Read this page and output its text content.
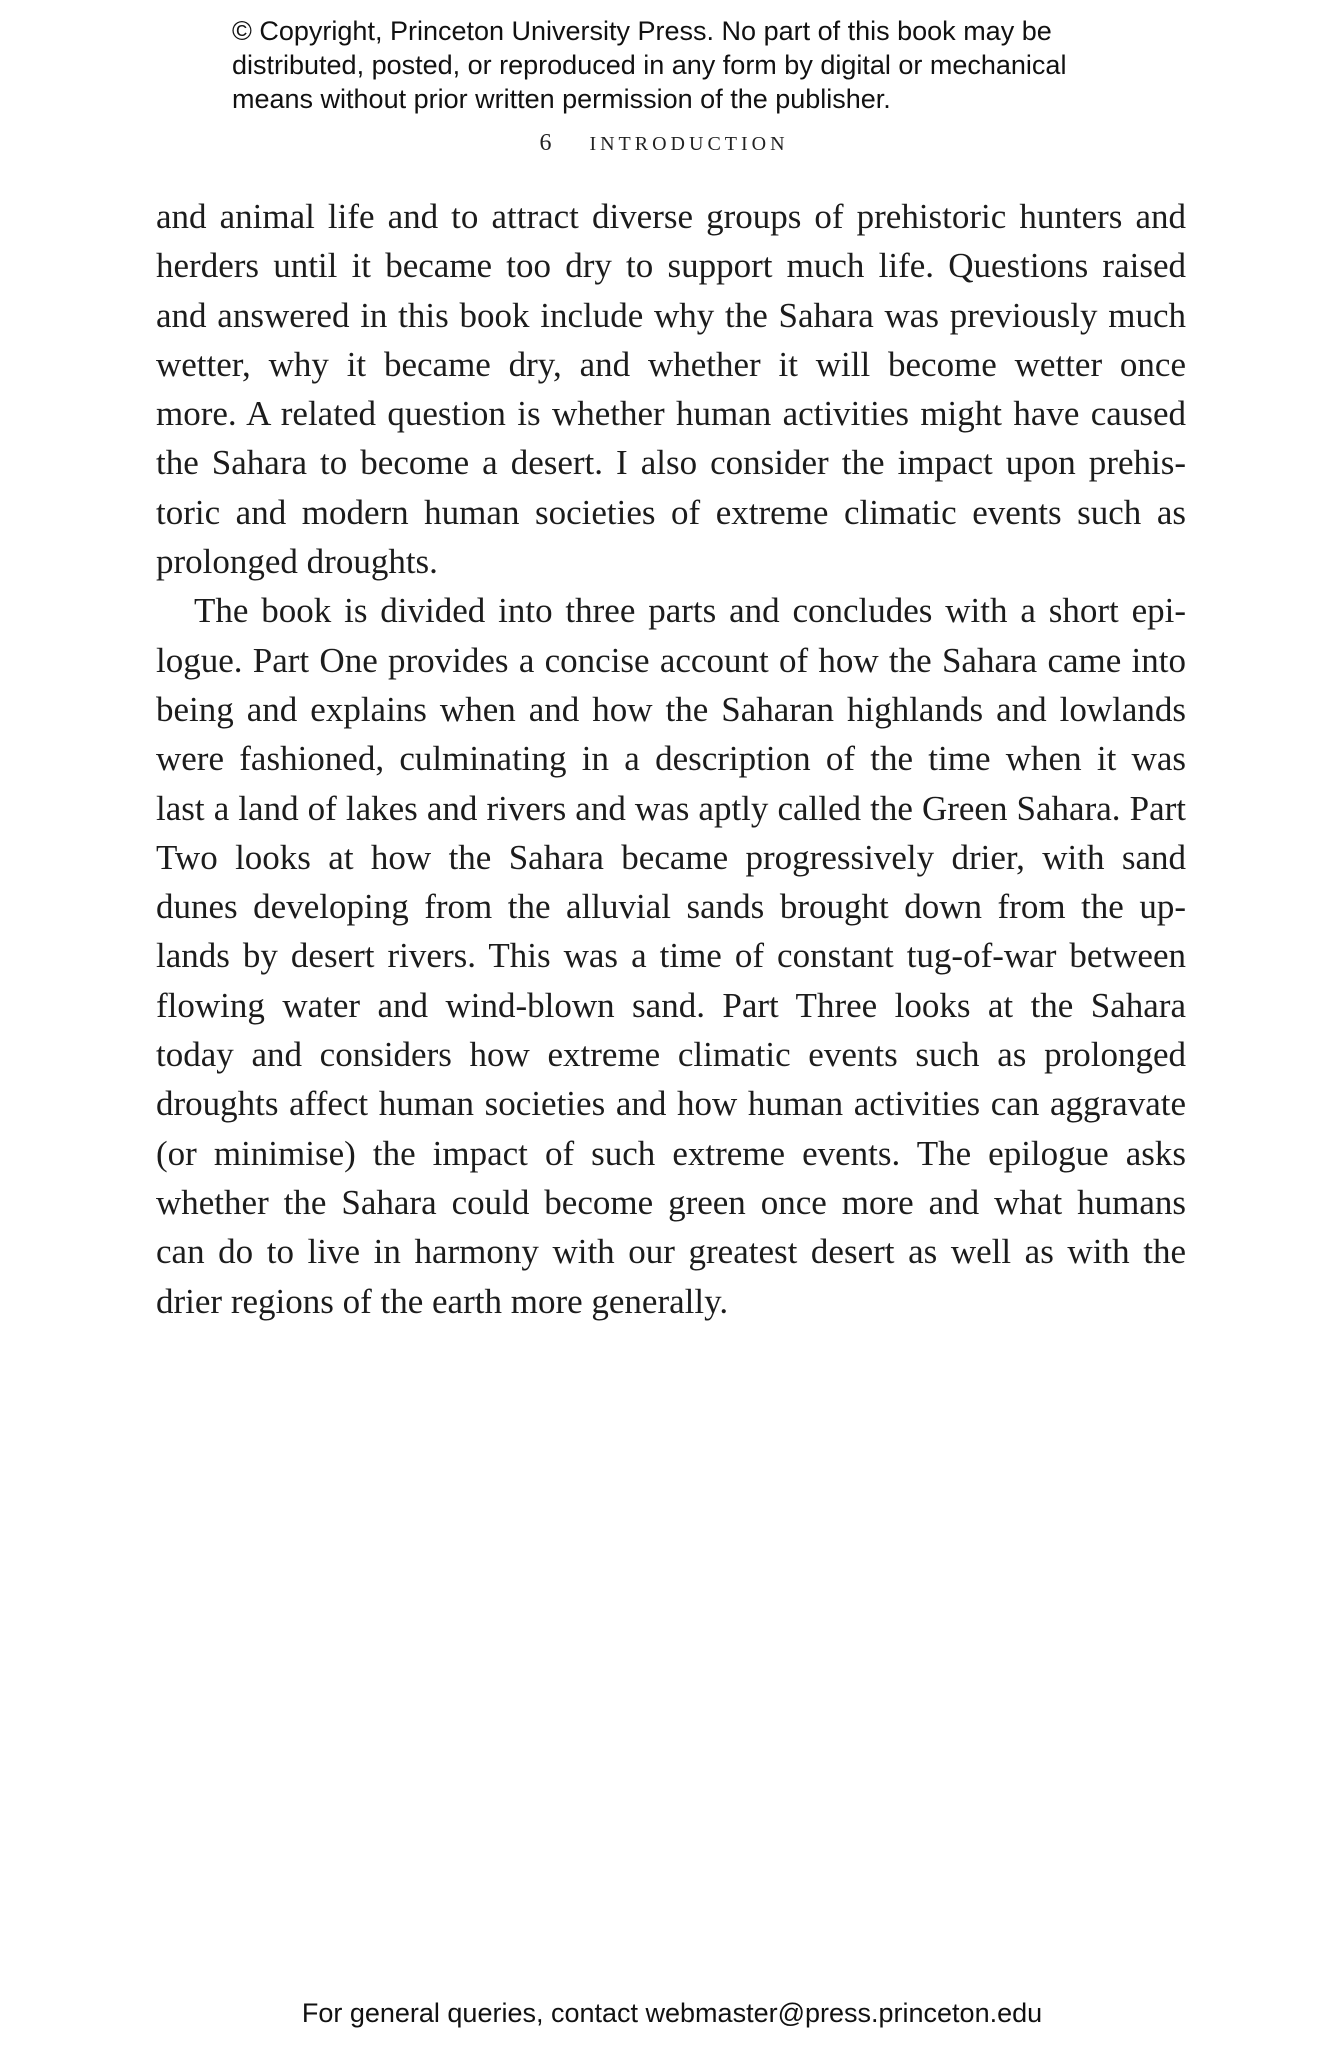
© Copyright, Princeton University Press. No part of this book may be
distributed, posted, or reproduced in any form by digital or mechanical
means without prior written permission of the publisher.
6 INTRODUCTION
and animal life and to attract diverse groups of prehistoric hunters and
herders until it became too dry to support much life. Questions raised
and answered in this book include why the Sahara was previously much
wetter, why it became dry, and whether it will become wetter once
more. A related question is whether human activities might have caused
the Sahara to become a desert. I also consider the impact upon prehis-
toric and modern human societies of extreme climatic events such as
prolonged droughts.
The book is divided into three parts and concludes with a short epi-
logue. Part One provides a concise account of how the Sahara came into
being and explains when and how the Saharan highlands and lowlands
were fashioned, culminating in a description of the time when it was
last a land of lakes and rivers and was aptly called the Green Sahara. Part
Two looks at how the Sahara became progressively drier, with sand
dunes developing from the alluvial sands brought down from the up-
lands by desert rivers. This was a time of constant tug-of-war between
flowing water and wind-blown sand. Part Three looks at the Sahara
today and considers how extreme climatic events such as prolonged
droughts affect human societies and how human activities can aggravate
(or minimise) the impact of such extreme events. The epilogue asks
whether the Sahara could become green once more and what humans
can do to live in harmony with our greatest desert as well as with the
drier regions of the earth more generally.
For general queries, contact webmaster@press.princeton.edu
